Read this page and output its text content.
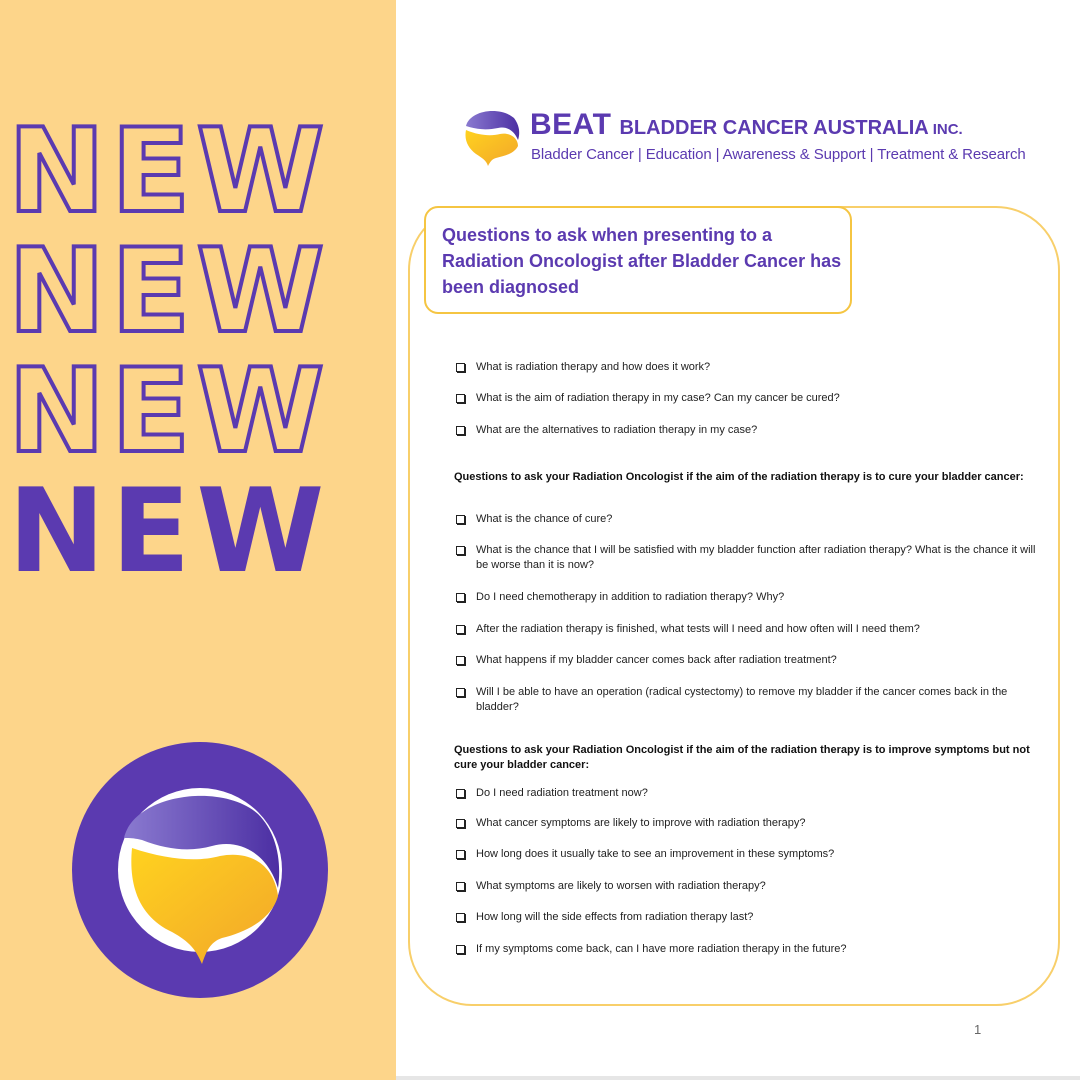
NEW
NEW
NEW
NEW
BEAT BLADDER CANCER AUSTRALIA INC.
Bladder Cancer | Education | Awareness & Support | Treatment & Research
Questions to ask when presenting to a Radiation Oncologist after Bladder Cancer has been diagnosed
What is radiation therapy and how does it work?
What is the aim of radiation therapy in my case? Can my cancer be cured?
What are the alternatives to radiation therapy in my case?
Questions to ask your Radiation Oncologist if the aim of the radiation therapy is to cure your bladder cancer:
What is the chance of cure?
What is the chance that I will be satisfied with my bladder function after radiation therapy? What is the chance it will be worse than it is now?
Do I need chemotherapy in addition to radiation therapy? Why?
After the radiation therapy is finished, what tests will I need and how often will I need them?
What happens if my bladder cancer comes back after radiation treatment?
Will I be able to have an operation (radical cystectomy) to remove my bladder if the cancer comes back in the bladder?
Questions to ask your Radiation Oncologist if the aim of the radiation therapy is to improve symptoms but not cure your bladder cancer:
Do I need radiation treatment now?
What cancer symptoms are likely to improve with radiation therapy?
How long does it usually take to see an improvement in these symptoms?
What symptoms are likely to worsen with radiation therapy?
How long will the side effects from radiation therapy last?
If my symptoms come back, can I have more radiation therapy in the future?
1
